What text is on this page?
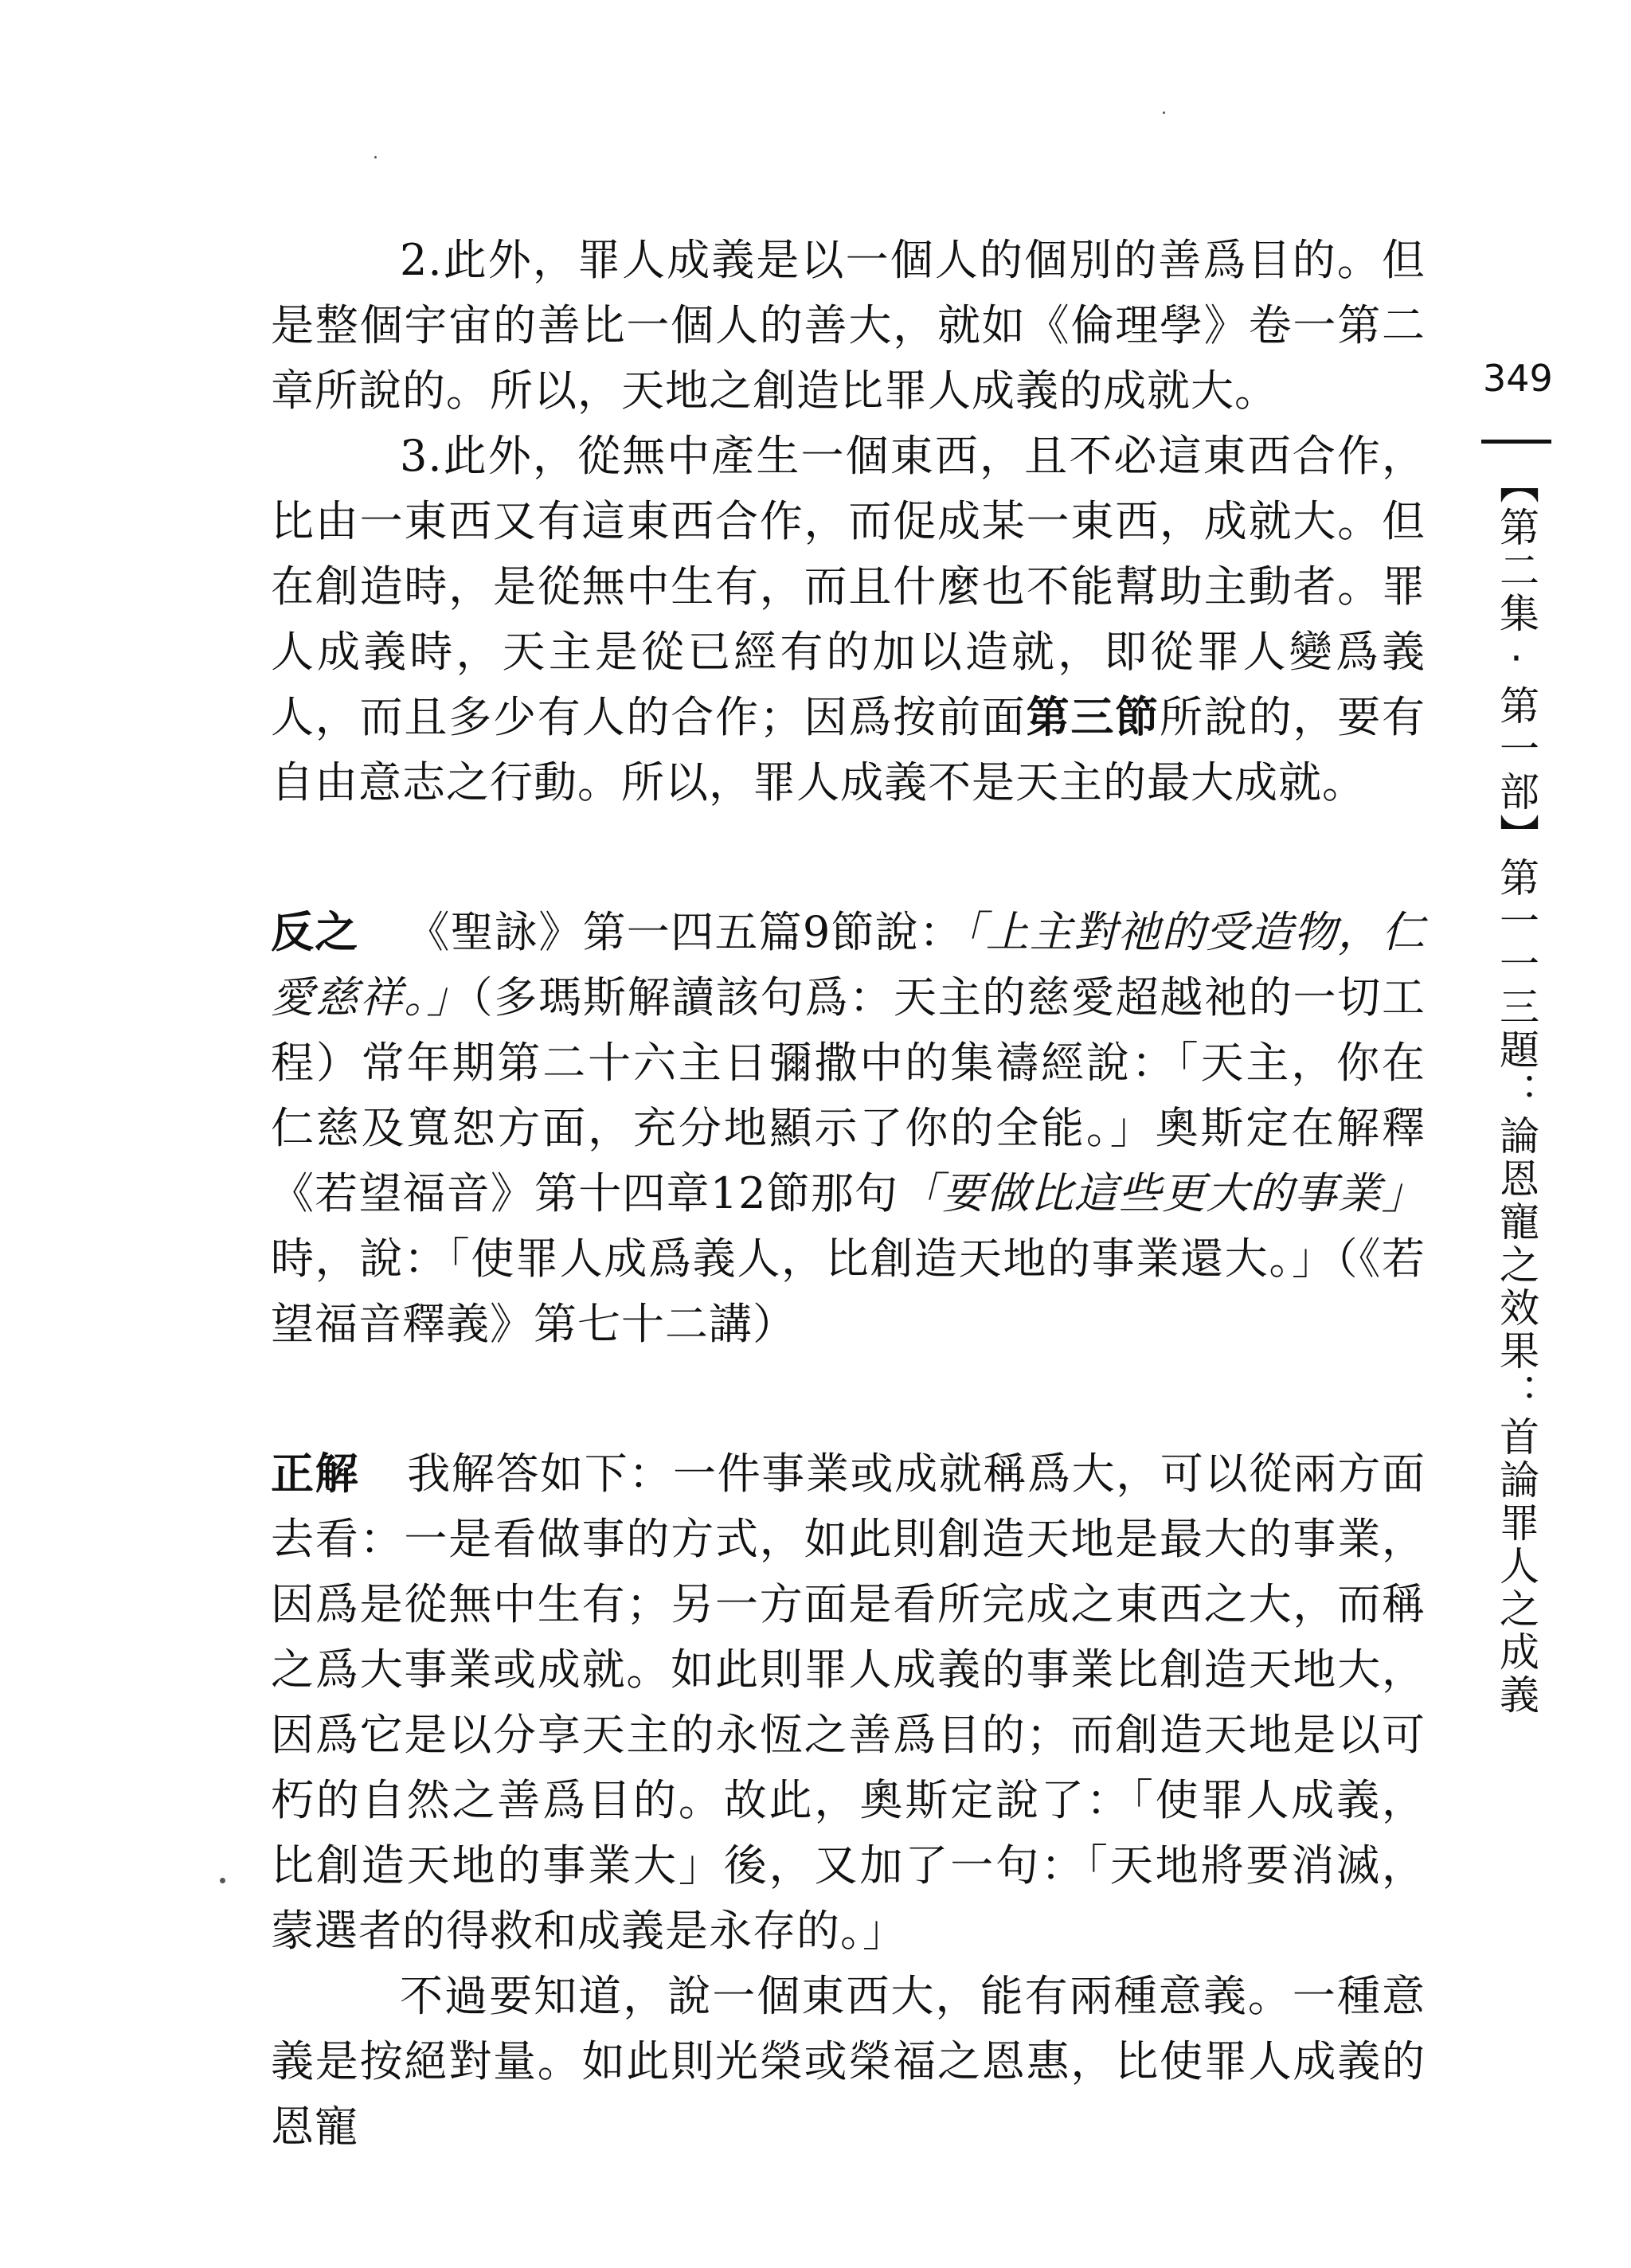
349
【第二集·第一部】第一一三題：論恩寵之效果：首論罪人之成義

2.此外，罪人成義是以一個人的個別的善爲目的。但是整個宇宙的善比一個人的善大，就如《倫理學》卷一第二章所說的。所以，天地之創造比罪人成義的成就大。

3.此外，從無中產生一個東西，且不必這東西合作，比由一東西又有這東西合作，而促成某一東西，成就大。但在創造時，是從無中生有，而且什麼也不能幫助主動者。罪人成義時，天主是從已經有的加以造就，即從罪人變爲義人，而且多少有人的合作；因爲按前面第三節所說的，要有自由意志之行動。所以，罪人成義不是天主的最大成就。

反之 《聖詠》第一四五篇9節說：「上主對祂的受造物，仁愛慈祥。」（多瑪斯解讀該句爲：天主的慈愛超越祂的一切工程）常年期第二十六主日彌撒中的集禱經說：「天主，你在仁慈及寬恕方面，充分地顯示了你的全能。」奧斯定在解釋《若望福音》第十四章12節那句「要做比這些更大的事業」時，說：「使罪人成爲義人，比創造天地的事業還大。」（《若望福音釋義》第七十二講）

正解 我解答如下：一件事業或成就稱爲大，可以從兩方面去看：一是看做事的方式，如此則創造天地是最大的事業，因爲是從無中生有；另一方面是看所完成之東西之大，而稱之爲大事業或成就。如此則罪人成義的事業比創造天地大，因爲它是以分享天主的永恆之善爲目的；而創造天地是以可朽的自然之善爲目的。故此，奧斯定說了：「使罪人成義，比創造天地的事業大」後，又加了一句：「天地將要消滅，蒙選者的得救和成義是永存的。」

不過要知道，說一個東西大，能有兩種意義。一種意義是按絕對量。如此則光榮或榮福之恩惠，比使罪人成義的恩寵
